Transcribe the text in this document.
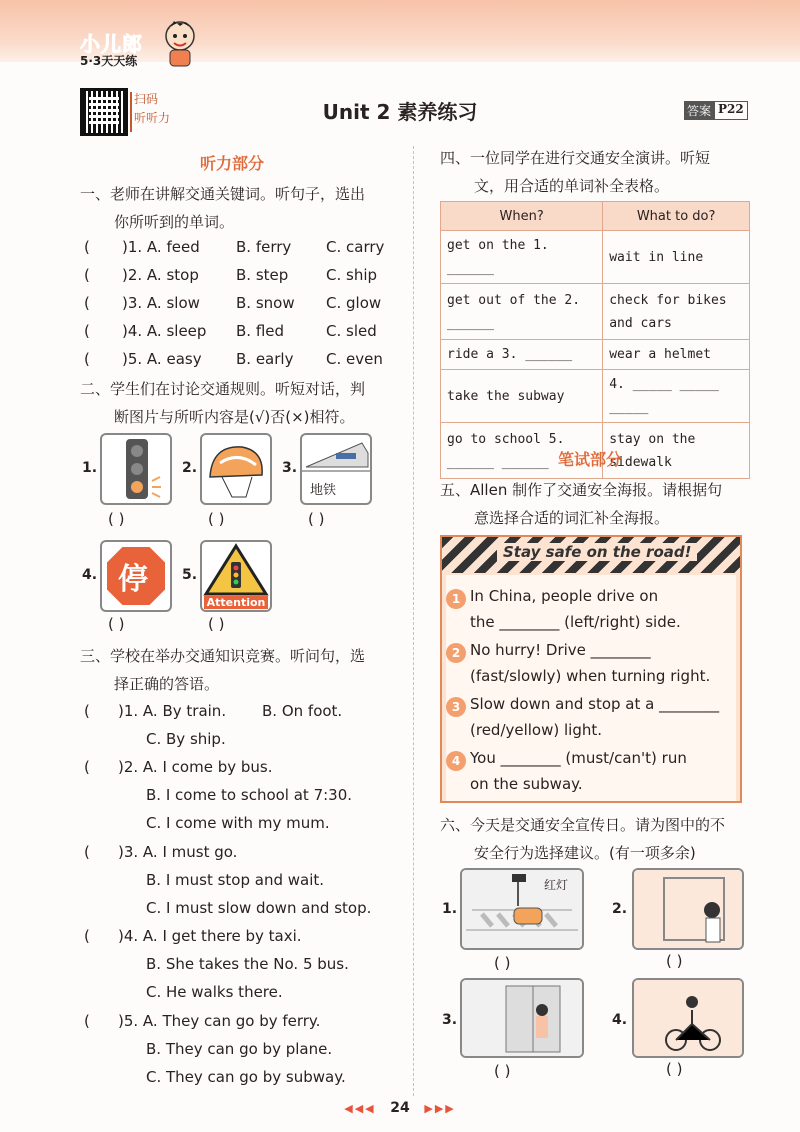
小儿郎
5·3天天练
扫码
听听力	Unit 2 素养练习	答案 P22
听力部分
一、老师在讲解交通关键词。听句子，选出
你所听到的单词。
( )1. A. feed B. ferry C. carry
( )2. A. stop B. step	C. ship
( )3. A. slow B. snow C. glow
( )4. A. sleep B. fled	C. sled
( )5. A. easy B. early C. even
二、学生们在讨论交通规则。听短对话，判
断图片与所听内容是(√)否(×)相符。
1.	2.	3.
地铁
( )	( )	( )
4. 停 5.
Attention
( )	( )
三、学校在举办交通知识竞赛。听问句，选
择正确的答语。
( )1. A. By train. B. On foot.
C. By ship.
( )2. A. I come by bus.
B. I come to school at 7:30.
C. I come with my mum.
( )3. A. I must go.
B. I must stop and wait.
C. I must slow down and stop.
( )4. A. I get there by taxi.
B. She takes the No. 5 bus.
C. He walks there.
( )5. A. They can go by ferry.
B. They can go by plane.
C. They can go by subway.
四、一位同学在进行交通安全演讲。听短
文，用合适的单词补全表格。
When?	What to do?
get on the 1. ______	wait in line
get out of the 2. ______	check for bikes and cars
ride a 3. ______	wear a helmet
take the subway	4. _____ _____ _____
go to school 5. ______ ______	stay on the sidewalk
笔试部分
五、Allen 制作了交通安全海报。请根据句
意选择合适的词汇补全海报。
Stay safe on the road!
1 In China, people drive on
the ________ (left/right) side.
2 No hurry! Drive ________
(fast/slowly) when turning right.
3 Slow down and stop at a ________
(red/yellow) light.
4 You ________ (must/can't) run
on the subway.
六、今天是交通安全宣传日。请为图中的不
安全行为选择建议。(有一项多余)
1.
红灯
2.
( )	( )
3.	4.
( )	( )
◀◀◀ 24 ▶▶▶
